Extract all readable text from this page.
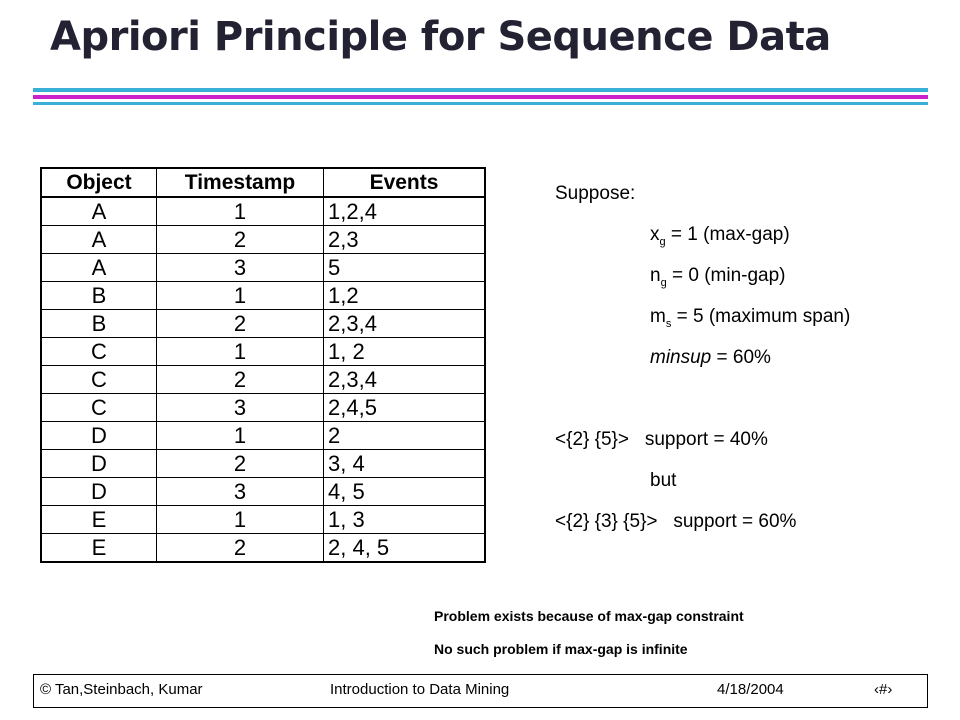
Apriori Principle for Sequence Data
Object	Timestamp	Events
A	1	1,2,4
A	2	2,3
A	3	5
B	1	1,2
B	2	2,3,4
C	1	1, 2
C	2	2,3,4
C	3	2,4,5
D	1	2
D	2	3, 4
D	3	4, 5
E	1	1, 3
E	2	2, 4, 5
Suppose:
$x_g = 1$ (max-gap)
$n_g = 0$ (min-gap)
$m_s = 5$ (maximum span)
minsup = 60%
<{2} {5}>   support = 40%
but
<{2} {3} {5}>   support = 60%
Problem exists because of max-gap constraint
No such problem if max-gap is infinite
© Tan,Steinbach, Kumar	Introduction to Data Mining	4/18/2004	‹#›
